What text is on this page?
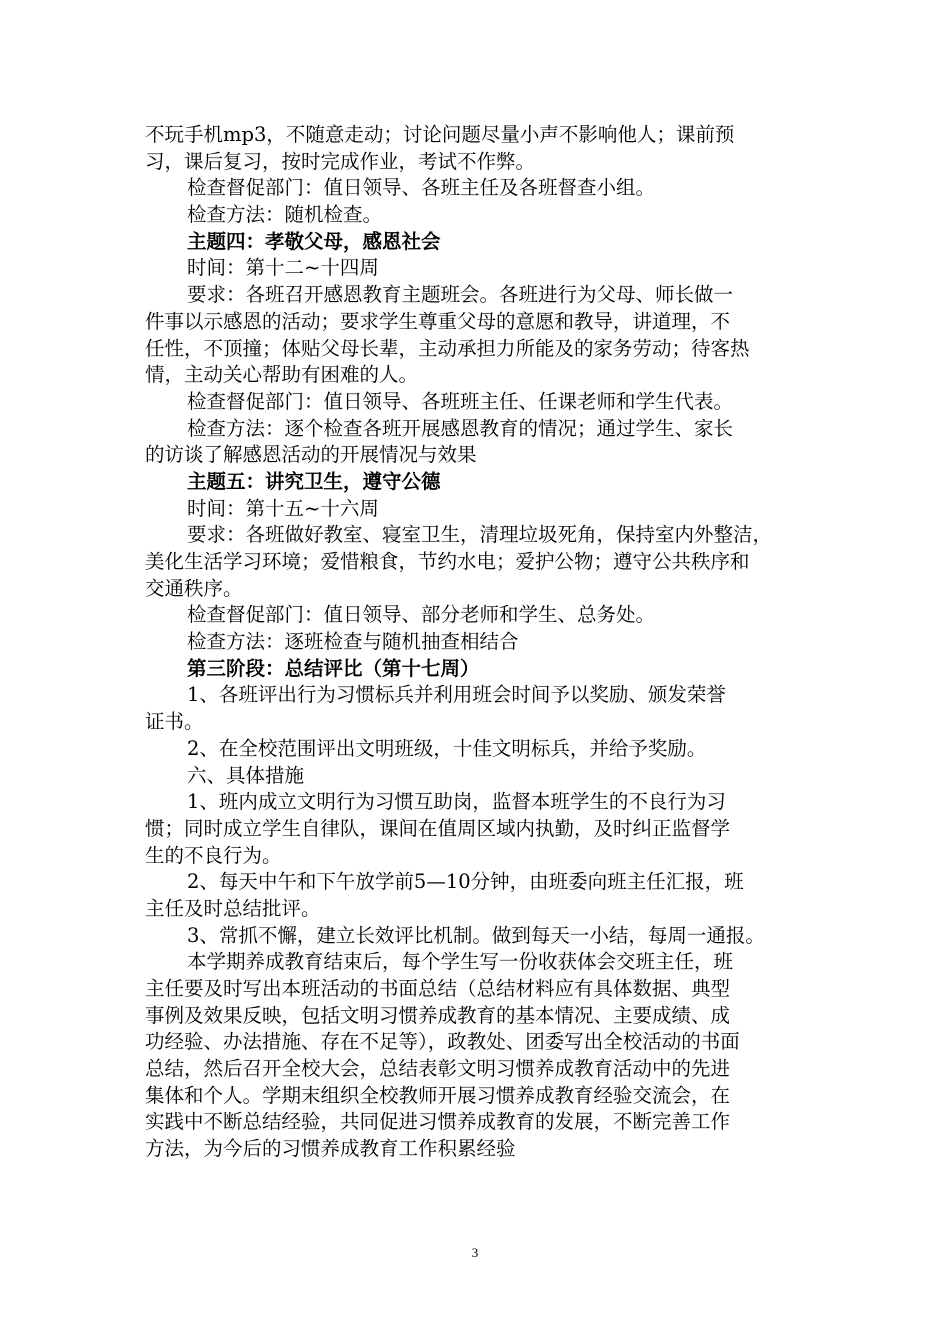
不玩手机mp3，不随意走动；讨论问题尽量小声不影响他人；课前预
习，课后复习，按时完成作业，考试不作弊。
检查督促部门：值日领导、各班主任及各班督查小组。
检查方法：随机检查。
主题四：孝敬父母，感恩社会
时间：第十二~十四周
要求：各班召开感恩教育主题班会。各班进行为父母、师长做一
件事以示感恩的活动；要求学生尊重父母的意愿和教导，讲道理，不
任性，不顶撞；体贴父母长辈，主动承担力所能及的家务劳动；待客热
情，主动关心帮助有困难的人。
检查督促部门：值日领导、各班班主任、任课老师和学生代表。
检查方法：逐个检查各班开展感恩教育的情况；通过学生、家长
的访谈了解感恩活动的开展情况与效果
主题五：讲究卫生，遵守公德
时间：第十五~十六周
要求：各班做好教室、寝室卫生，清理垃圾死角，保持室内外整洁，
美化生活学习环境；爱惜粮食，节约水电；爱护公物；遵守公共秩序和
交通秩序。
检查督促部门：值日领导、部分老师和学生、总务处。
检查方法：逐班检查与随机抽查相结合
第三阶段：总结评比（第十七周）
1、各班评出行为习惯标兵并利用班会时间予以奖励、颁发荣誉
证书。
2、在全校范围评出文明班级，十佳文明标兵，并给予奖励。
六、具体措施
1、班内成立文明行为习惯互助岗，监督本班学生的不良行为习
惯；同时成立学生自律队，课间在值周区域内执勤，及时纠正监督学
生的不良行为。
2、每天中午和下午放学前5—10分钟，由班委向班主任汇报，班
主任及时总结批评。
3、常抓不懈，建立长效评比机制。做到每天一小结，每周一通报。
本学期养成教育结束后，每个学生写一份收获体会交班主任，班
主任要及时写出本班活动的书面总结（总结材料应有具体数据、典型
事例及效果反映，包括文明习惯养成教育的基本情况、主要成绩、成
功经验、办法措施、存在不足等），政教处、团委写出全校活动的书面
总结，然后召开全校大会，总结表彰文明习惯养成教育活动中的先进
集体和个人。学期末组织全校教师开展习惯养成教育经验交流会，在
实践中不断总结经验，共同促进习惯养成教育的发展，不断完善工作
方法，为今后的习惯养成教育工作积累经验
3
